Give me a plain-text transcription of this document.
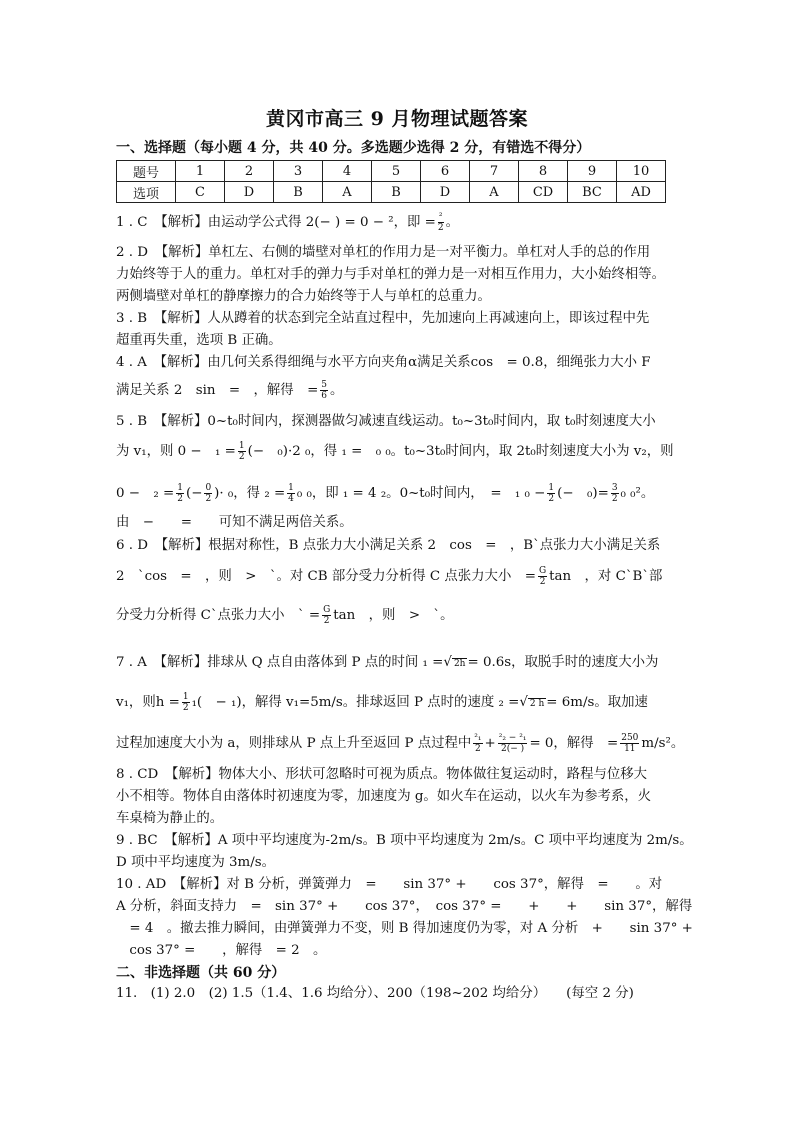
黄冈市高三 9 月物理试题答案
一、选择题（每小题 4 分，共 40 分。多选题少选得 2 分，有错选不得分）
题号	1	2	3	4	5	6	7	8	9	10
选项	C	D	B	A	B	D	A	CD	BC	AD
1 . C　【解析】由运动学公式得 2(− ) = 0 − ²，即 = $\frac{\text{²}}{2}$ 。
2 . D　【解析】单杠左、右侧的墙壁对单杠的作用力是一对平衡力。单杠对人手的总的作用
力始终等于人的重力。单杠对手的弹力与手对单杠的弹力是一对相互作用力，大小始终相等。
两侧墙壁对单杠的静摩擦力的合力始终等于人与单杠的总重力。
3 . B　【解析】人从蹲着的状态到完全站直过程中，先加速向上再减速向上，即该过程中先
超重再失重，选项 B 正确。
4 . A　【解析】由几何关系得细绳与水平方向夹角α满足关系cos　= 0.8，细绳张力大小 F
满足关系 2　sin　=　，解得　= $\frac{5}{6}$ 。
5 . B　【解析】0~t₀时间内，探测器做匀减速直线运动。t₀~3t₀时间内，取 t₀时刻速度大小
为 v₁，则 0 −　$_1 = \frac{1}{2}$ (−　₀)·2 ₀，得 ₁ =　₀ ₀。t₀~3t₀时间内，取 2t₀时刻速度大小为 v₂，则
0 −　$_2 = \frac{1}{2}$ (− $\frac{0}{2}$ )· ₀，得 $_2 = \frac{1}{4} _0$ ₀，即 ₁ = 4 ₂。0~t₀时间内，　=　₁ $_0 - \frac{1}{2}$ (−　$_0)= \frac{3}{2} _0$ ₀²。
由　−　　=　　可知不满足两倍关系。
6 . D　【解析】根据对称性，B 点张力大小满足关系 2　cos　=　，B`点张力大小满足关系
2　`cos　=　，则　>　`。对 CB 部分受力分析得 C 点张力大小　= $\frac{G}{2}$ tan　，对 C`B`部
分受力分析得 C`点张力大小　` = $\frac{G}{2}$ tan　，则　>　`。
7 . A　【解析】排球从 Q 点自由落体到 P 点的时间 ₁ =√ 2h = 0.6s，取脱手时的速度大小为
v₁，则$h = \frac{1}{2} _1$(　− ₁)，解得 v₁=5m/s。排球返回 P 点时的速度 ₂ =√ 2 h = 6m/s。取加速
过程加速度大小为 a，则排球从 P 点上升至返回 P 点过程中 $\frac{\text{²₁}}{2} + \frac{\text{²₂ − ²₁}}{2(- )} = 0$，解得　= $\frac{250}{11} m/s^2$。
8 . CD　【解析】物体大小、形状可忽略时可视为质点。物体做往复运动时，路程与位移大
小不相等。物体自由落体时初速度为零，加速度为 g。如火车在运动，以火车为参考系，火
车桌椅为静止的。
9 . BC　【解析】A 项中平均速度为-2m/s。B 项中平均速度为 2m/s。C 项中平均速度为 2m/s。
D 项中平均速度为 3m/s。
10 . AD　【解析】对 B 分析，弹簧弹力　=　　sin 37° +　　cos 37°，解得　=　　。对
A 分析，斜面支持力　=　sin 37° +　　cos 37°，　cos 37° =　　+　　+　　sin 37°，解得
　= 4　。撤去推力瞬间，由弹簧弹力不变，则 B 得加速度仍为零，对 A 分析　+　　sin 37° +
　cos 37° =　　，解得　= 2　。
二、非选择题（共 60 分）
11.　(1) 2.0　(2) 1.5（1.4、1.6 均给分）、200（198~202 均给分）　　(每空 2 分)
